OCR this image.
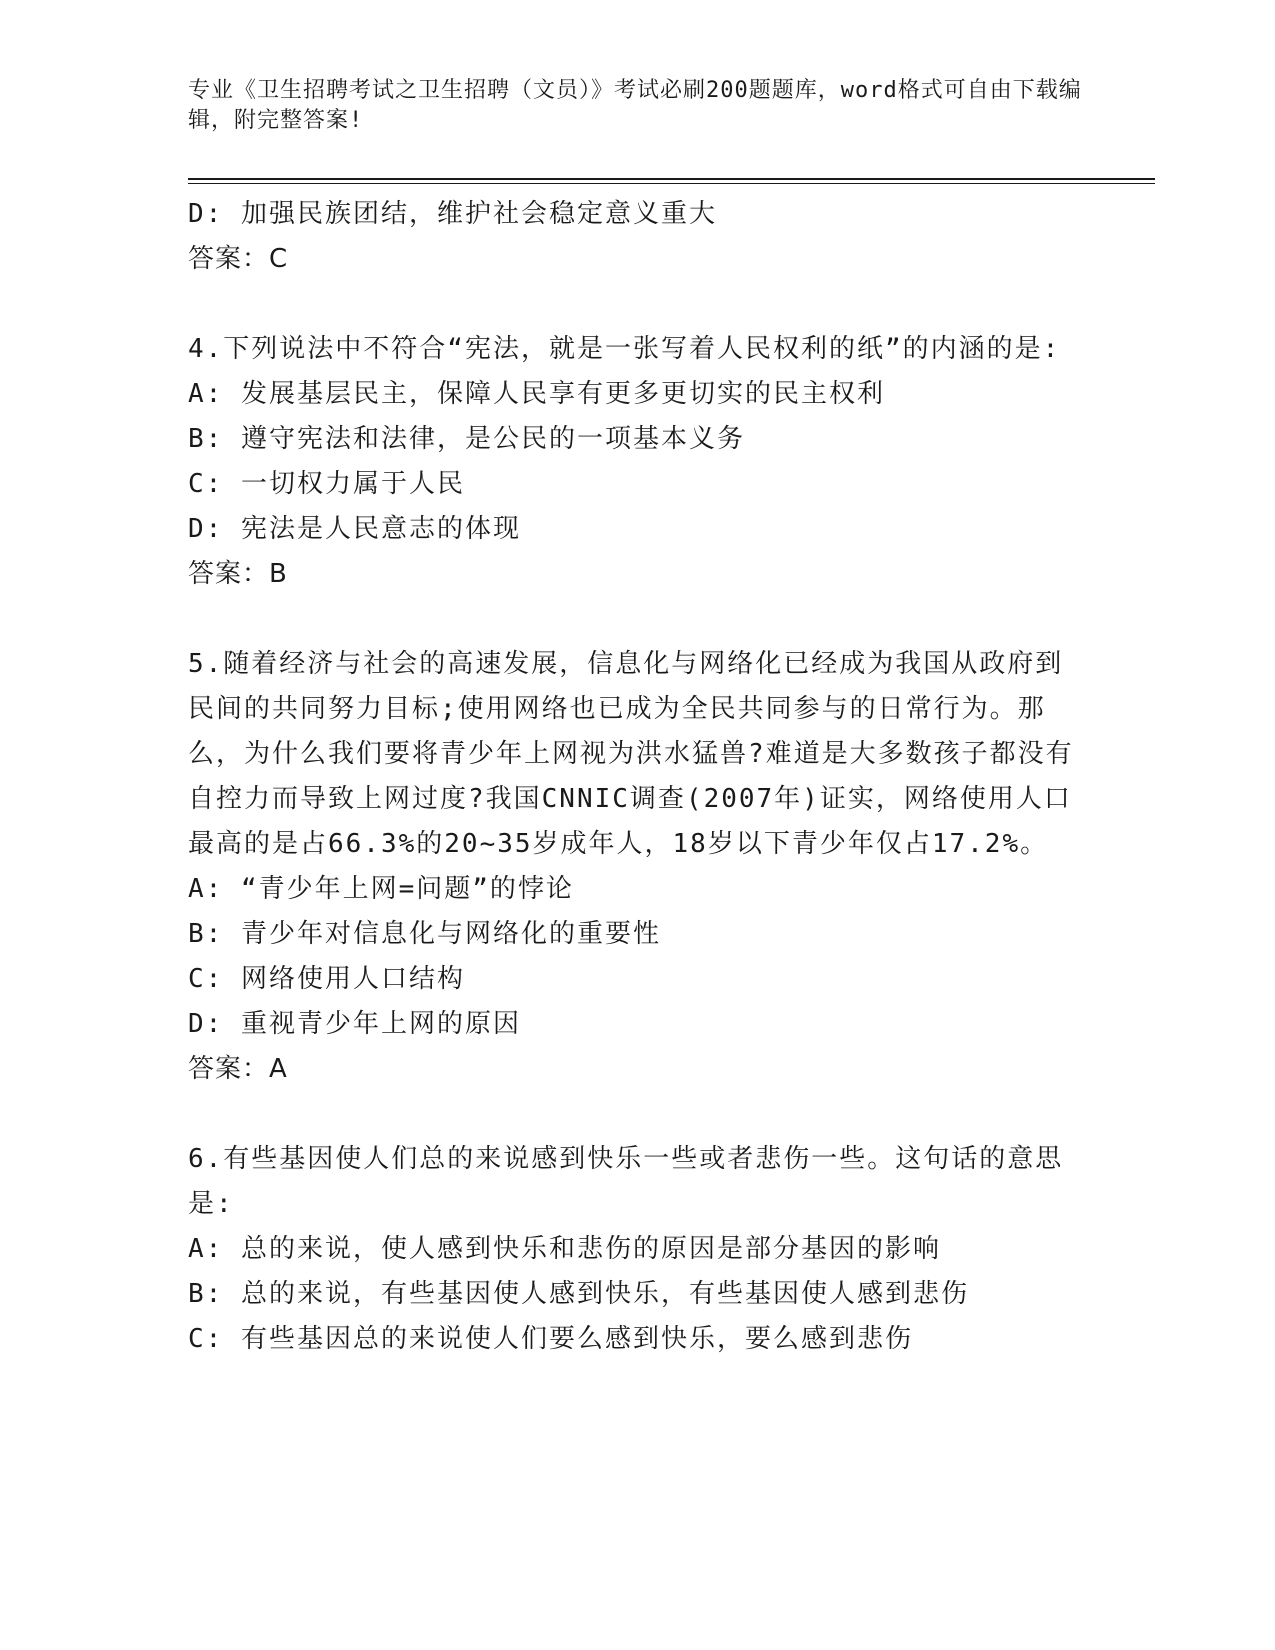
专业《卫生招聘考试之卫生招聘（文员）》考试必刷200题题库，word格式可自由下载编辑，附完整答案!
D: 加强民族团结，维护社会稳定意义重大
答案：C
4.下列说法中不符合“宪法，就是一张写着人民权利的纸”的内涵的是:
A: 发展基层民主，保障人民享有更多更切实的民主权利
B: 遵守宪法和法律，是公民的一项基本义务
C: 一切权力属于人民
D: 宪法是人民意志的体现
答案：B
5.随着经济与社会的高速发展，信息化与网络化已经成为我国从政府到民间的共同努力目标;使用网络也已成为全民共同参与的日常行为。那么，为什么我们要将青少年上网视为洪水猛兽?难道是大多数孩子都没有自控力而导致上网过度?我国CNNIC调查(2007年)证实，网络使用人口最高的是占66.3%的20~35岁成年人，18岁以下青少年仅占17.2%。
A: “青少年上网=问题”的悖论
B: 青少年对信息化与网络化的重要性
C: 网络使用人口结构
D: 重视青少年上网的原因
答案：A
6.有些基因使人们总的来说感到快乐一些或者悲伤一些。这句话的意思是:
A: 总的来说，使人感到快乐和悲伤的原因是部分基因的影响
B: 总的来说，有些基因使人感到快乐，有些基因使人感到悲伤
C: 有些基因总的来说使人们要么感到快乐，要么感到悲伤
